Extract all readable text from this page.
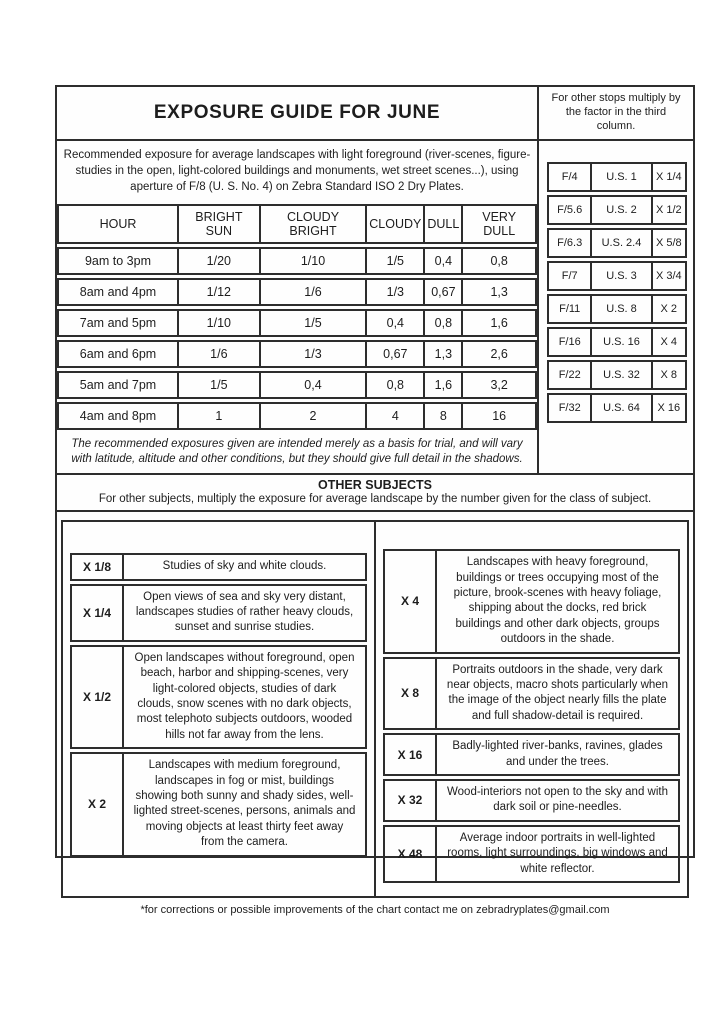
EXPOSURE GUIDE FOR JUNE
For other stops multiply by the factor in the third column.
Recommended exposure for average landscapes with light foreground (river-scenes, figure- studies in the open, light-colored buildings and monuments, wet street scenes...), using aperture of F/8 (U. S. No. 4) on Zebra Standard ISO 2 Dry Plates.
HOUR	BRIGHT SUN	CLOUDY BRIGHT	CLOUDY	DULL	VERY DULL
9am to 3pm	1/20	1/10	1/5	0,4	0,8
8am and 4pm	1/12	1/6	1/3	0,67	1,3
7am and 5pm	1/10	1/5	0,4	0,8	1,6
6am and 6pm	1/6	1/3	0,67	1,3	2,6
5am and 7pm	1/5	0,4	0,8	1,6	3,2
4am and 8pm	1	2	4	8	16
The recommended exposures given are intended merely as a basis for trial, and will vary with latitude, altitude and other conditions, but they should give full detail in the shadows.
F/4	U.S. 1	X 1/4
F/5.6	U.S. 2	X 1/2
F/6.3	U.S. 2.4	X 5/8
F/7	U.S. 3	X 3/4
F/11	U.S. 8	X 2
F/16	U.S. 16	X 4
F/22	U.S. 32	X 8
F/32	U.S. 64	X 16
OTHER SUBJECTS
For other subjects, multiply the exposure for average landscape by the number given for the class of subject.
X 1/8	Studies of sky and white clouds.
X 1/4	Open views of sea and sky very distant, landscapes studies of rather heavy clouds, sunset and sunrise studies.
X 1/2	Open landscapes without foreground, open beach, harbor and shipping-scenes, very light-colored objects, studies of dark clouds, snow scenes with no dark objects, most telephoto subjects outdoors, wooded hills not far away from the lens.
X 2	Landscapes with medium foreground, landscapes in fog or mist, buildings showing both sunny and shady sides, well-lighted street-scenes, persons, animals and moving objects at least thirty feet away from the camera.
X 4	Landscapes with heavy foreground, buildings or trees occupying most of the picture, brook-scenes with heavy foliage, shipping about the docks, red brick buildings and other dark objects, groups outdoors in the shade.
X 8	Portraits outdoors in the shade, very dark near objects, macro shots particularly when the image of the object nearly fills the plate and full shadow-detail is required.
X 16	Badly-lighted river-banks, ravines, glades and under the trees.
X 32	Wood-interiors not open to the sky and with dark soil or pine-needles.
X 48	Average indoor portraits in well-lighted rooms, light surroundings, big windows and white reflector.
*for corrections or possible improvements of the chart contact me on zebradryplates@gmail.com
